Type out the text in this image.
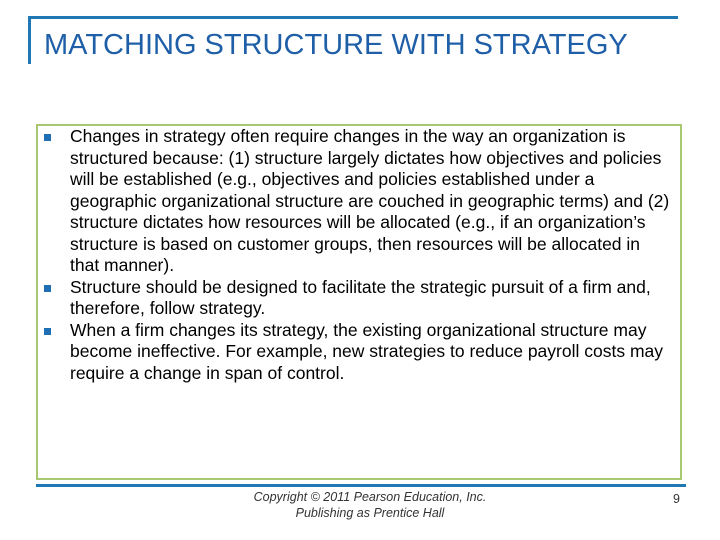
MATCHING STRUCTURE WITH STRATEGY
Changes in strategy often require changes in the way an organization is structured because: (1) structure largely dictates how objectives and policies will be established (e.g., objectives and policies established under a geographic organizational structure are couched in geographic terms) and (2) structure dictates how resources will be allocated (e.g., if an organization’s structure is based on customer groups, then resources will be allocated in that manner).
Structure should be designed to facilitate the strategic pursuit of a firm and, therefore, follow strategy.
When a firm changes its strategy, the existing organizational structure may become ineffective. For example, new strategies to reduce payroll costs may require a change in span of control.
Copyright © 2011 Pearson Education, Inc.
Publishing as Prentice Hall
9
